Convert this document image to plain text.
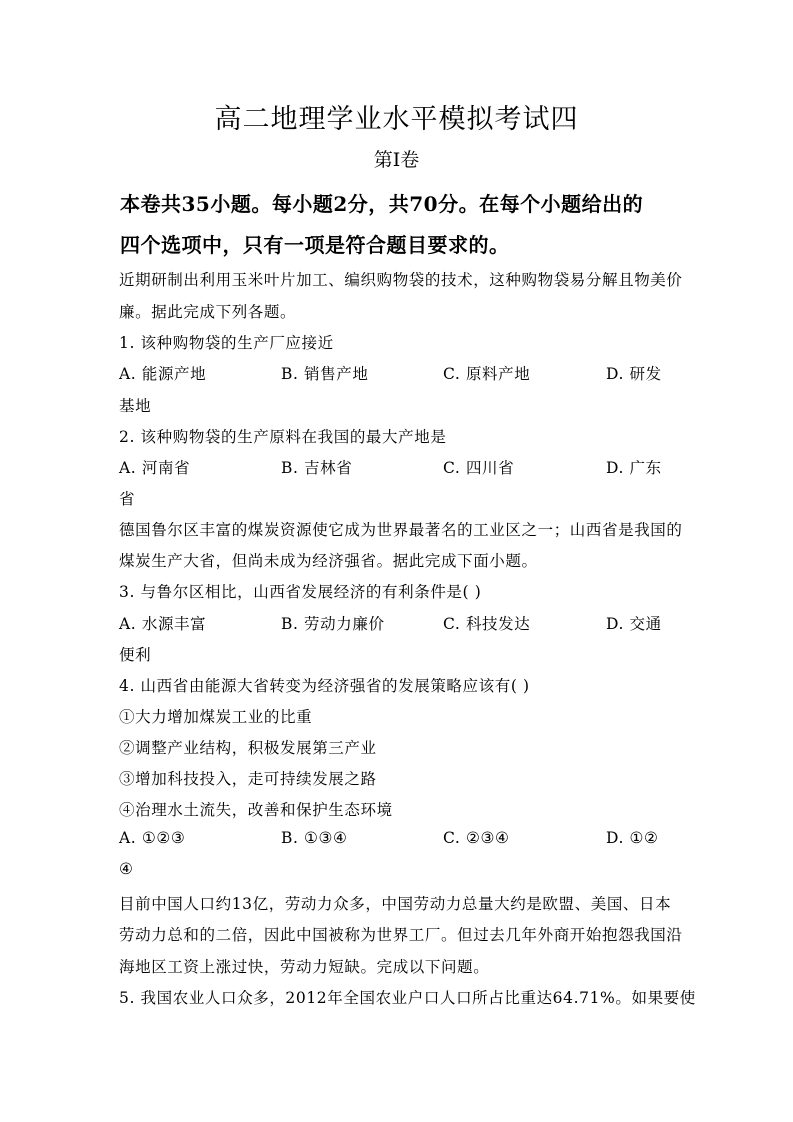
高二地理学业水平模拟考试四
第Ⅰ卷
本卷共35小题。每小题2分，共70分。在每个小题给出的
四个选项中，只有一项是符合题目要求的。
近期研制出利用玉米叶片加工、编织购物袋的技术，这种购物袋易分解且物美价
廉。据此完成下列各题。
1. 该种购物袋的生产厂应接近
A. 能源产地	B. 销售产地	C. 原料产地	D. 研发
基地
2. 该种购物袋的生产原料在我国的最大产地是
A. 河南省	B. 吉林省	C. 四川省	D. 广东
省
德国鲁尔区丰富的煤炭资源使它成为世界最著名的工业区之一；山西省是我国的
煤炭生产大省，但尚未成为经济强省。据此完成下面小题。
3. 与鲁尔区相比，山西省发展经济的有利条件是( )
A. 水源丰富	B. 劳动力廉价	C. 科技发达	D. 交通
便利
4. 山西省由能源大省转变为经济强省的发展策略应该有( )
①大力增加煤炭工业的比重
②调整产业结构，积极发展第三产业
③增加科技投入，走可持续发展之路
④治理水土流失，改善和保护生态环境
A. ①②③	B. ①③④	C. ②③④	D. ①②
④
目前中国人口约13亿，劳动力众多，中国劳动力总量大约是欧盟、美国、日本
劳动力总和的二倍，因此中国被称为世界工厂。但过去几年外商开始抱怨我国沿
海地区工资上涨过快，劳动力短缺。完成以下问题。
5. 我国农业人口众多，2012年全国农业户口人口所占比重达64.71%。如果要使
